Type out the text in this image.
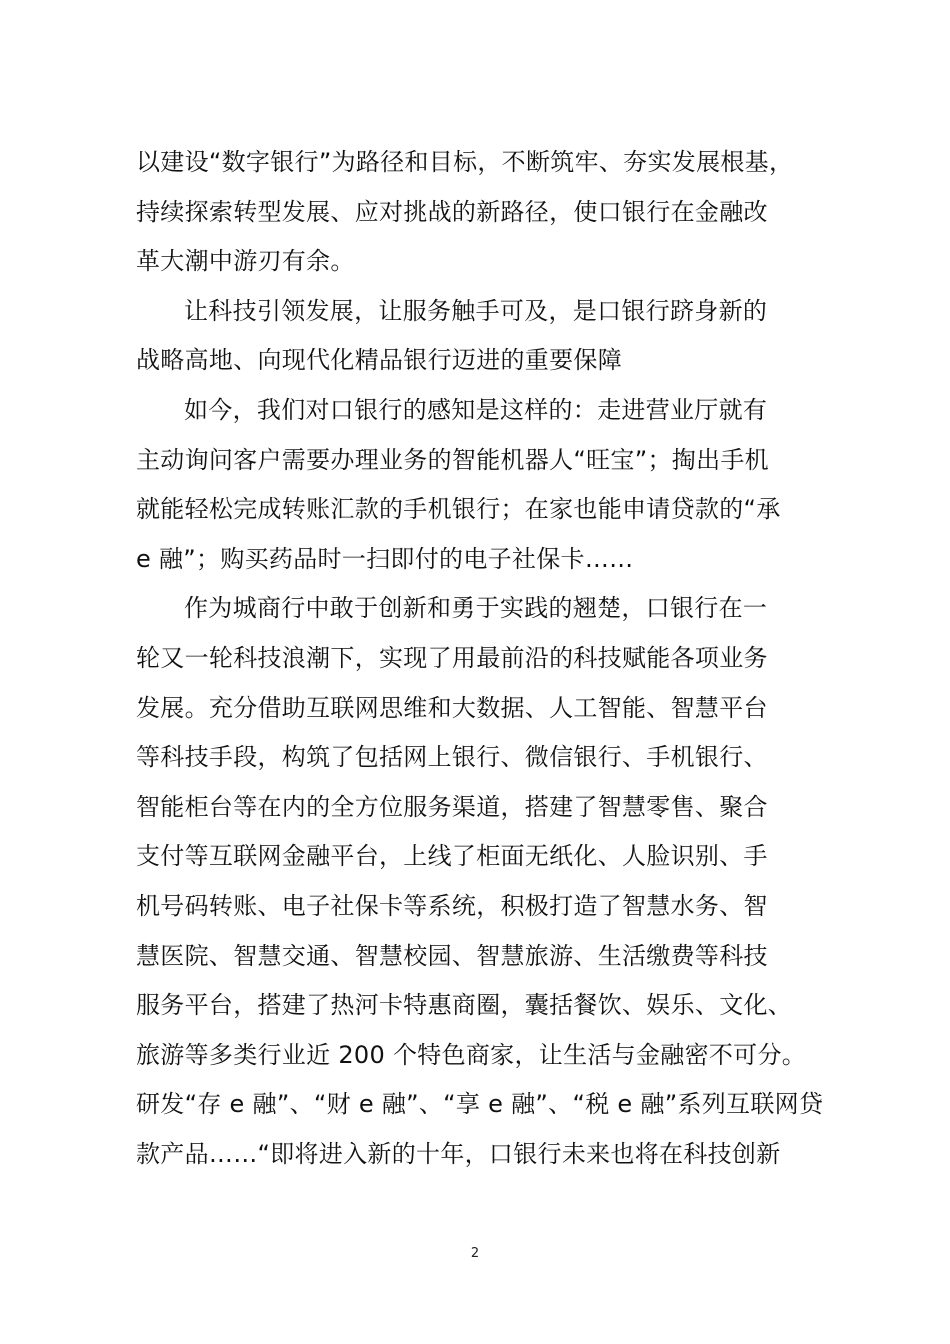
以建设“数字银行”为路径和目标，不断筑牢、夯实发展根基，
持续探索转型发展、应对挑战的新路径，使口银行在金融改
革大潮中游刃有余。
让科技引领发展，让服务触手可及，是口银行跻身新的
战略高地、向现代化精品银行迈进的重要保障
如今，我们对口银行的感知是这样的：走进营业厅就有
主动询问客户需要办理业务的智能机器人“旺宝”；掏出手机
就能轻松完成转账汇款的手机银行；在家也能申请贷款的“承
e 融”；购买药品时一扫即付的电子社保卡……
作为城商行中敢于创新和勇于实践的翘楚，口银行在一
轮又一轮科技浪潮下，实现了用最前沿的科技赋能各项业务
发展。充分借助互联网思维和大数据、人工智能、智慧平台
等科技手段，构筑了包括网上银行、微信银行、手机银行、
智能柜台等在内的全方位服务渠道，搭建了智慧零售、聚合
支付等互联网金融平台，上线了柜面无纸化、人脸识别、手
机号码转账、电子社保卡等系统，积极打造了智慧水务、智
慧医院、智慧交通、智慧校园、智慧旅游、生活缴费等科技
服务平台，搭建了热河卡特惠商圈，囊括餐饮、娱乐、文化、
旅游等多类行业近 200 个特色商家，让生活与金融密不可分。
研发“存 e 融”、“财 e 融”、“享 e 融”、“税 e 融”系列互联网贷
款产品……“即将进入新的十年，口银行未来也将在科技创新
2
